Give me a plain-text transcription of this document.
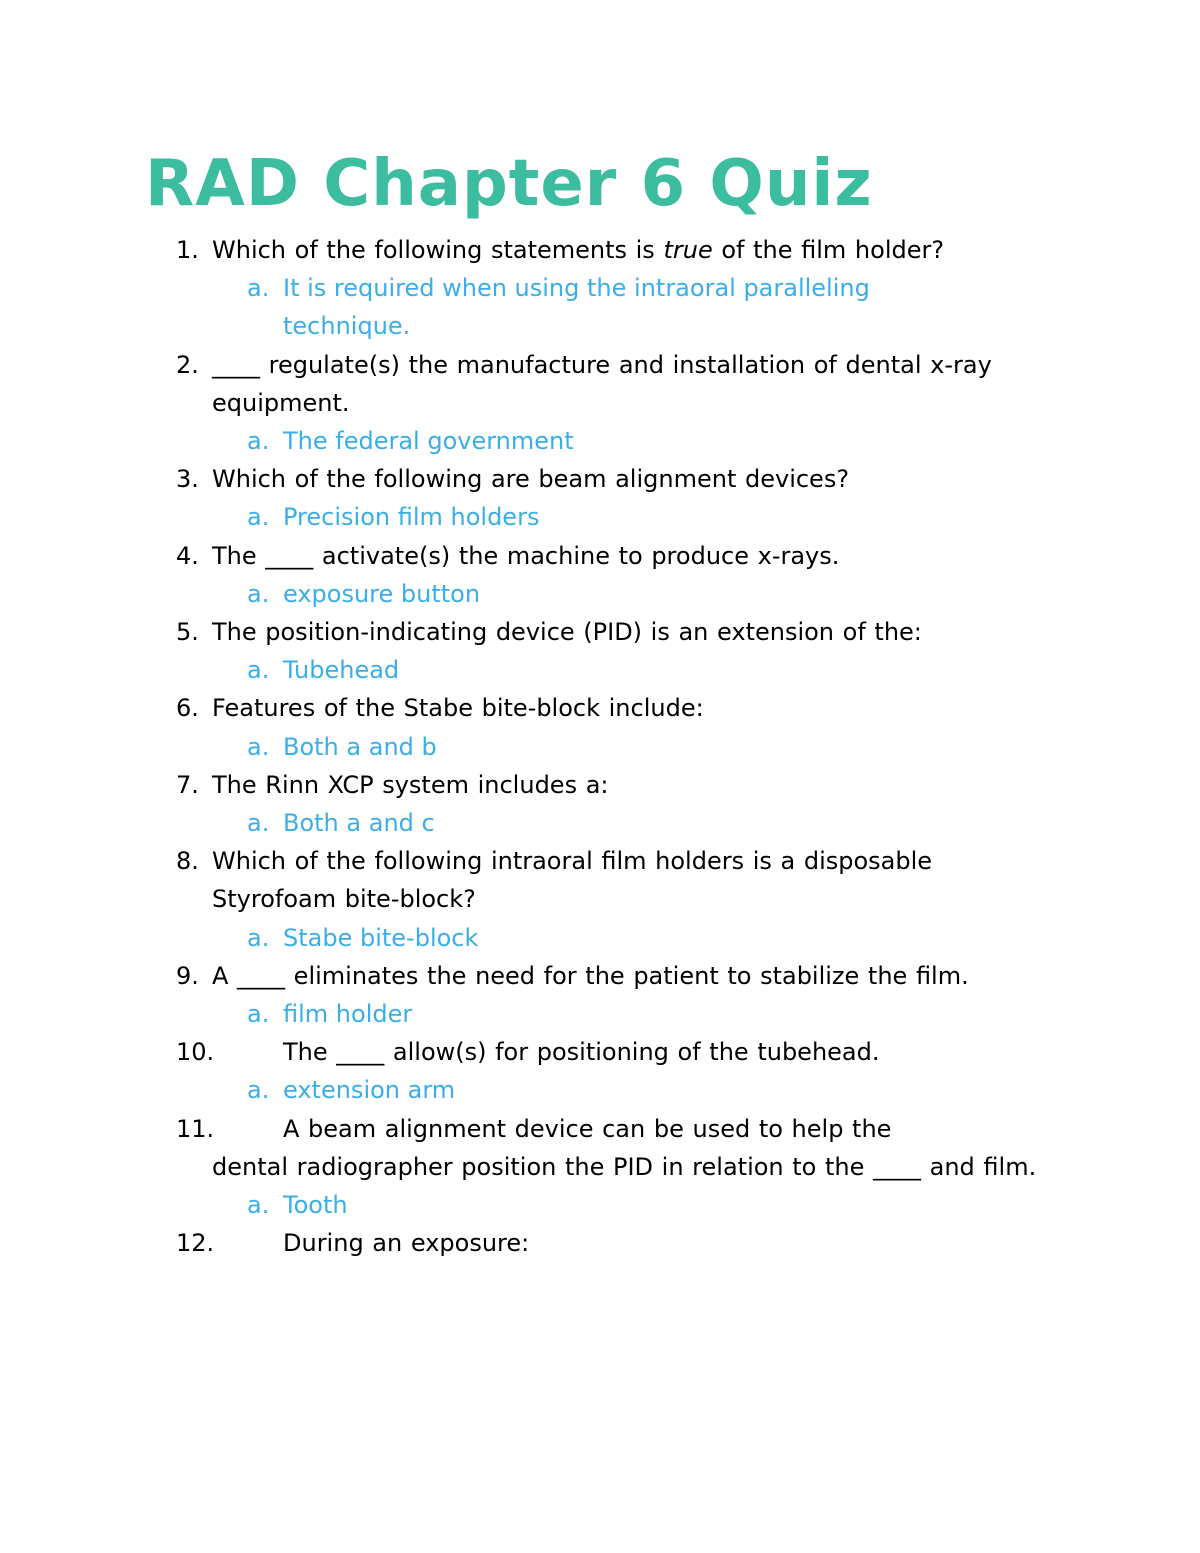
RAD Chapter 6 Quiz
1. Which of the following statements is true of the film holder?
a. It is required when using the intraoral paralleling technique.
2. ____ regulate(s) the manufacture and installation of dental x-ray equipment.
a. The federal government
3. Which of the following are beam alignment devices?
a. Precision film holders
4. The ____ activate(s) the machine to produce x-rays.
a. exposure button
5. The position-indicating device (PID) is an extension of the:
a. Tubehead
6. Features of the Stabe bite-block include:
a. Both a and b
7. The Rinn XCP system includes a:
a. Both a and c
8. Which of the following intraoral film holders is a disposable Styrofoam bite-block?
a. Stabe bite-block
9. A ____ eliminates the need for the patient to stabilize the film.
a. film holder
10.	The ____ allow(s) for positioning of the tubehead.
a. extension arm
11.	A beam alignment device can be used to help the
dental radiographer position the PID in relation to the ____ and film.
a. Tooth
12.	During an exposure:
